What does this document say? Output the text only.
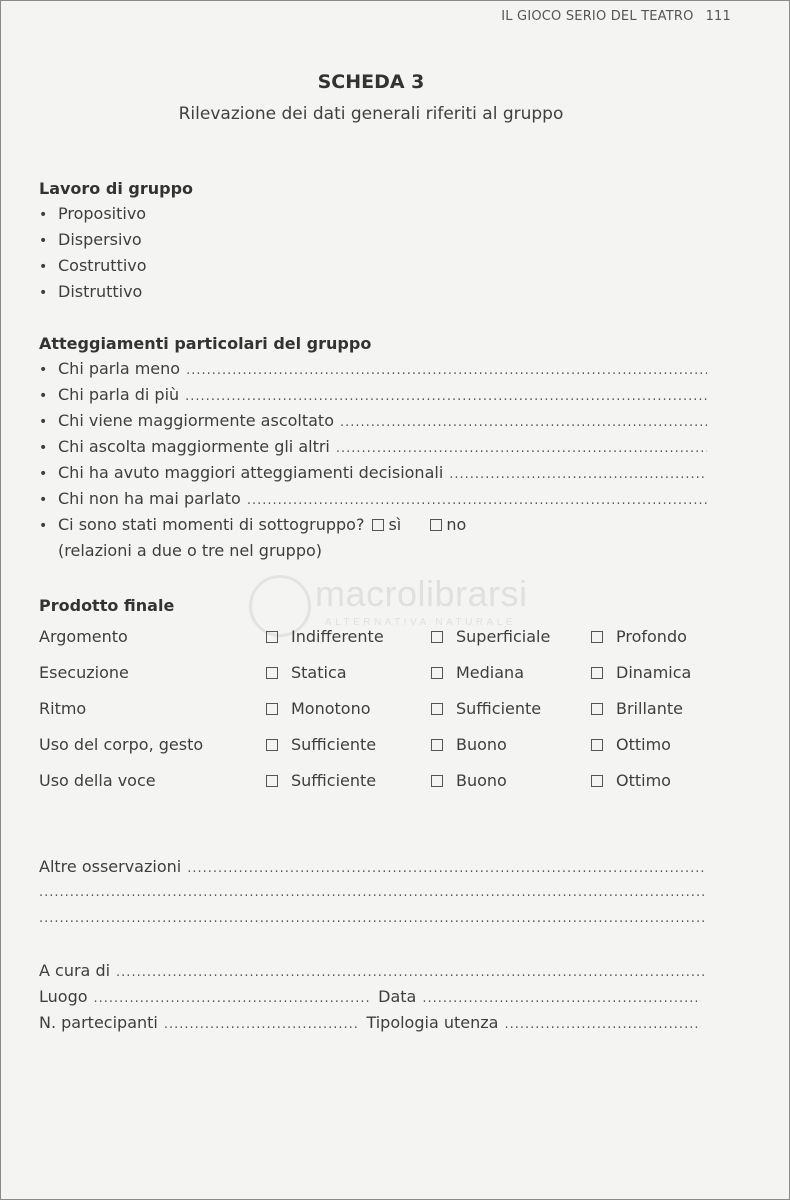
IL GIOCO SERIO DEL TEATRO 111
SCHEDA 3
Rilevazione dei dati generali riferiti al gruppo
Lavoro di gruppo
• Propositivo
• Dispersivo
• Costruttivo
• Distruttivo
Atteggiamenti particolari del gruppo
• Chi parla meno
.....
• Chi parla di più
.....
• Chi viene maggiormente ascoltato
.....
• Chi ascolta maggiormente gli altri
.....
• Chi ha avuto maggiori atteggiamenti decisionali
.....
• Chi non ha mai parlato
.....
• Ci sono stati momenti di sottogruppo?	sì	no
(relazioni a due o tre nel gruppo)
macrolibrarsi
ALTERNATIVA NATURALE
Prodotto finale
Argomento	Indifferente	Superficiale	Profondo
Esecuzione	Statica	Mediana	Dinamica
Ritmo	Monotono	Sufficiente	Brillante
Uso del corpo, gesto	Sufficiente	Buono	Ottimo
Uso della voce	Sufficiente	Buono	Ottimo
Altre osservazioni
.....
.....
.....
A cura di
.....
Luogo .....	Data
.....
N. partecipanti .....	Tipologia utenza
.....
